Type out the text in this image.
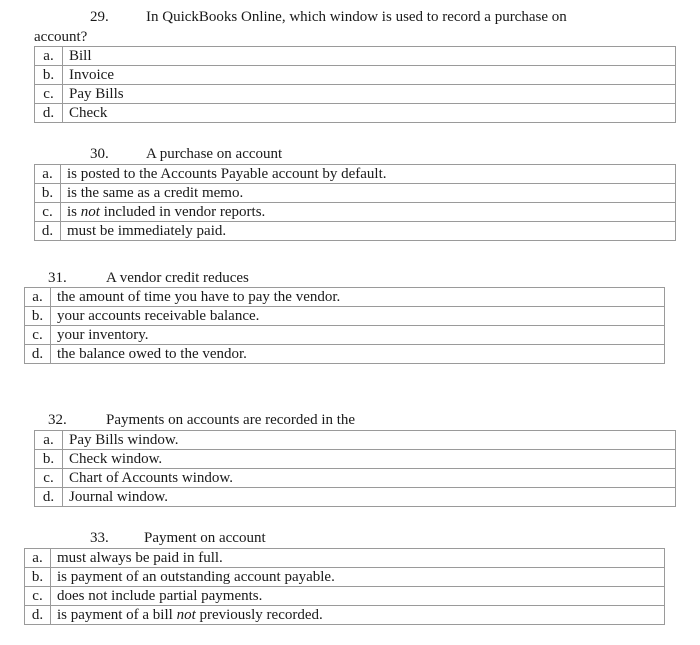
29. In QuickBooks Online, which window is used to record a purchase on
account?
a.	Bill
b.	Invoice
c.	Pay Bills
d.	Check
30. A purchase on account
a.	is posted to the Accounts Payable account by default.
b.	is the same as a credit memo.
c.	is not included in vendor reports.
d.	must be immediately paid.
31.	A vendor credit reduces
a.	the amount of time you have to pay the vendor.
b.	your accounts receivable balance.
c.	your inventory.
d.	the balance owed to the vendor.
32.	Payments on accounts are recorded in the
a.	Pay Bills window.
b.	Check window.
c.	Chart of Accounts window.
d.	Journal window.
33. Payment on account
a.	must always be paid in full.
b.	is payment of an outstanding account payable.
c.	does not include partial payments.
d.	is payment of a bill not previously recorded.
